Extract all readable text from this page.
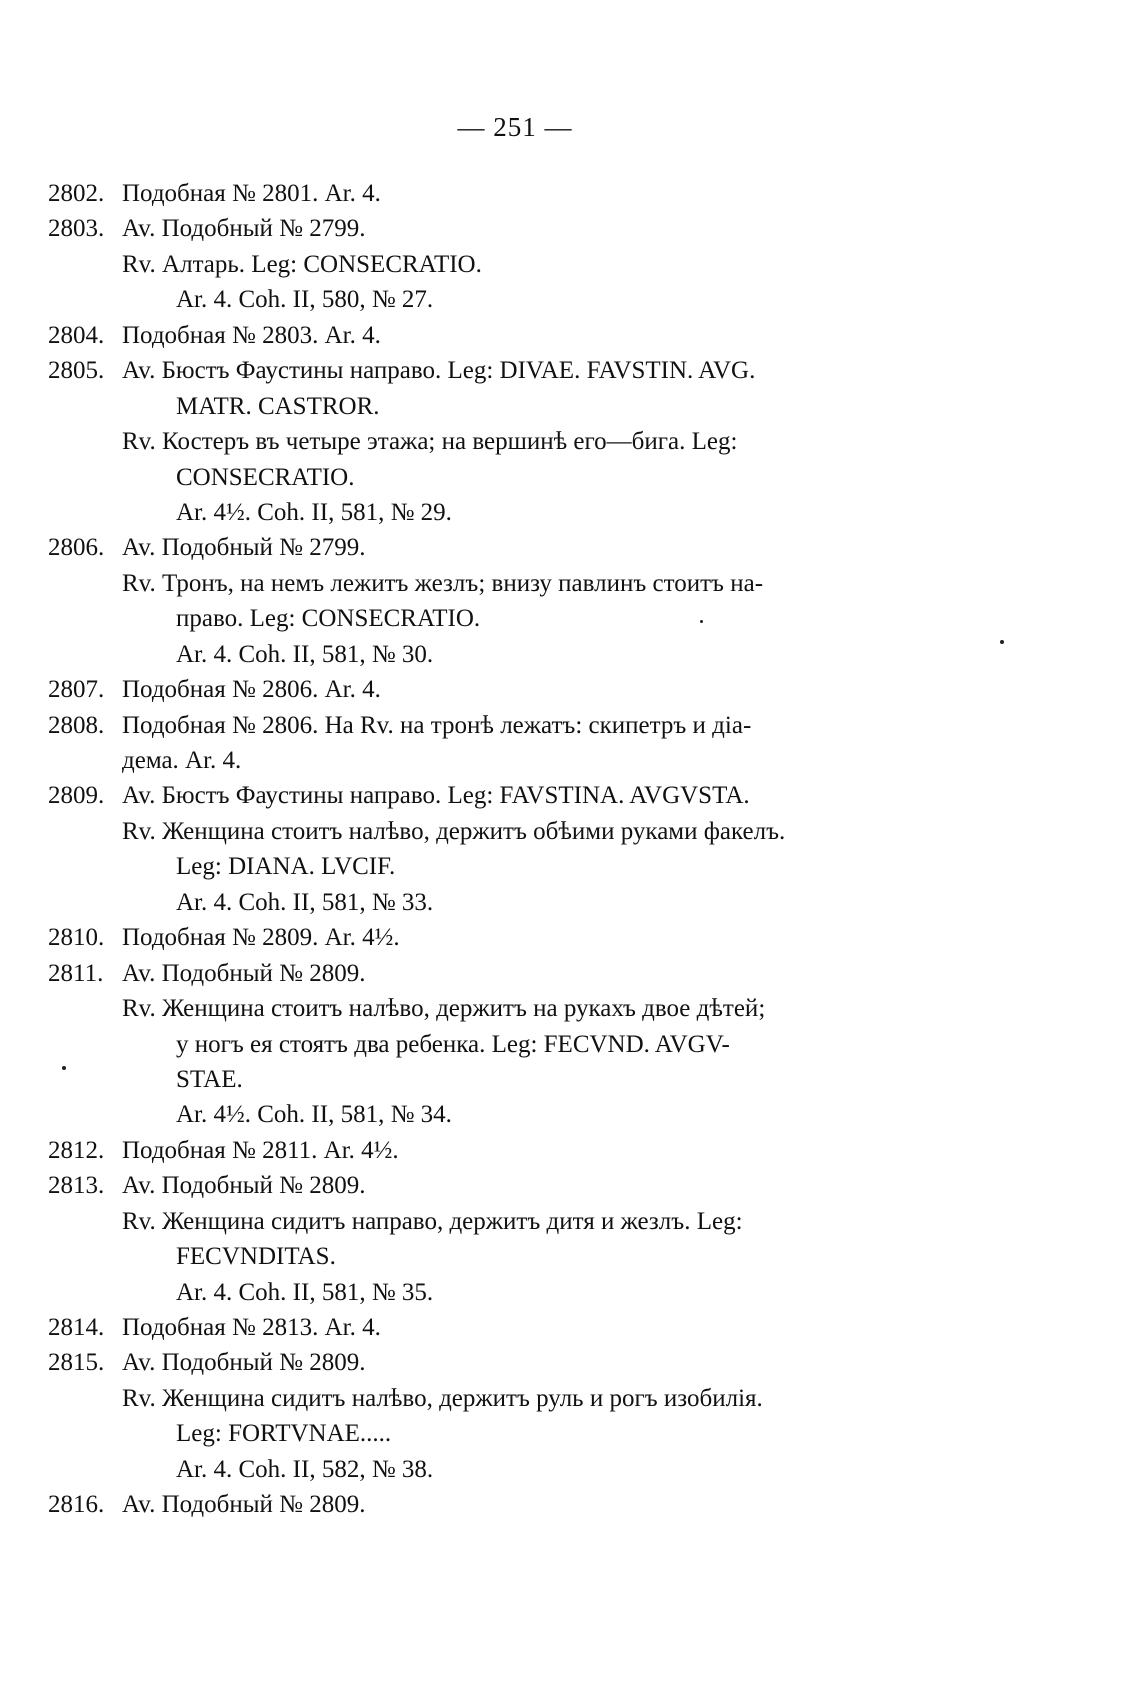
— 251 —
2802. Подобная № 2801. Ar. 4.
2803. Av. Подобный № 2799.
Rv. Алтарь. Leg: CONSECRATIO.
Ar. 4. Coh. II, 580, № 27.
2804. Подобная № 2803. Ar. 4.
2805. Av. Бюстъ Фаустины направо. Leg: DIVAE. FAVSTIN. AVG.
MATR. CASTROR.
Rv. Костеръ въ четыре этажа; на вершинѣ его—бига. Leg:
CONSECRATIO.
Ar. 4½. Coh. II, 581, № 29.
2806. Av. Подобный № 2799.
Rv. Тронъ, на немъ лежитъ жезлъ; внизу павлинъ стоитъ на-
право. Leg: CONSECRATIO.
Ar. 4. Coh. II, 581, № 30.
2807. Подобная № 2806. Ar. 4.
2808. Подобная № 2806. На Rv. на тронѣ лежатъ: скипетръ и діа-
дема. Ar. 4.
2809. Av. Бюстъ Фаустины направо. Leg: FAVSTINA. AVGVSTA.
Rv. Женщина стоитъ налѣво, держитъ обѣими руками факелъ.
Leg: DIANA. LVCIF.
Ar. 4. Coh. II, 581, № 33.
2810. Подобная № 2809. Ar. 4½.
2811. Av. Подобный № 2809.
Rv. Женщина стоитъ налѣво, держитъ на рукахъ двое дѣтей;
у ногъ ея стоятъ два ребенка. Leg: FECVND. AVGV-
STAE.
Ar. 4½. Coh. II, 581, № 34.
2812. Подобная № 2811. Ar. 4½.
2813. Av. Подобный № 2809.
Rv. Женщина сидитъ направо, держитъ дитя и жезлъ. Leg:
FECVNDITAS.
Ar. 4. Coh. II, 581, № 35.
2814. Подобная № 2813. Ar. 4.
2815. Av. Подобный № 2809.
Rv. Женщина сидитъ налѣво, держитъ руль и рогъ изобилія.
Leg: FORTVNAE.....
Ar. 4. Coh. II, 582, № 38.
2816. Av. Подобный № 2809.
